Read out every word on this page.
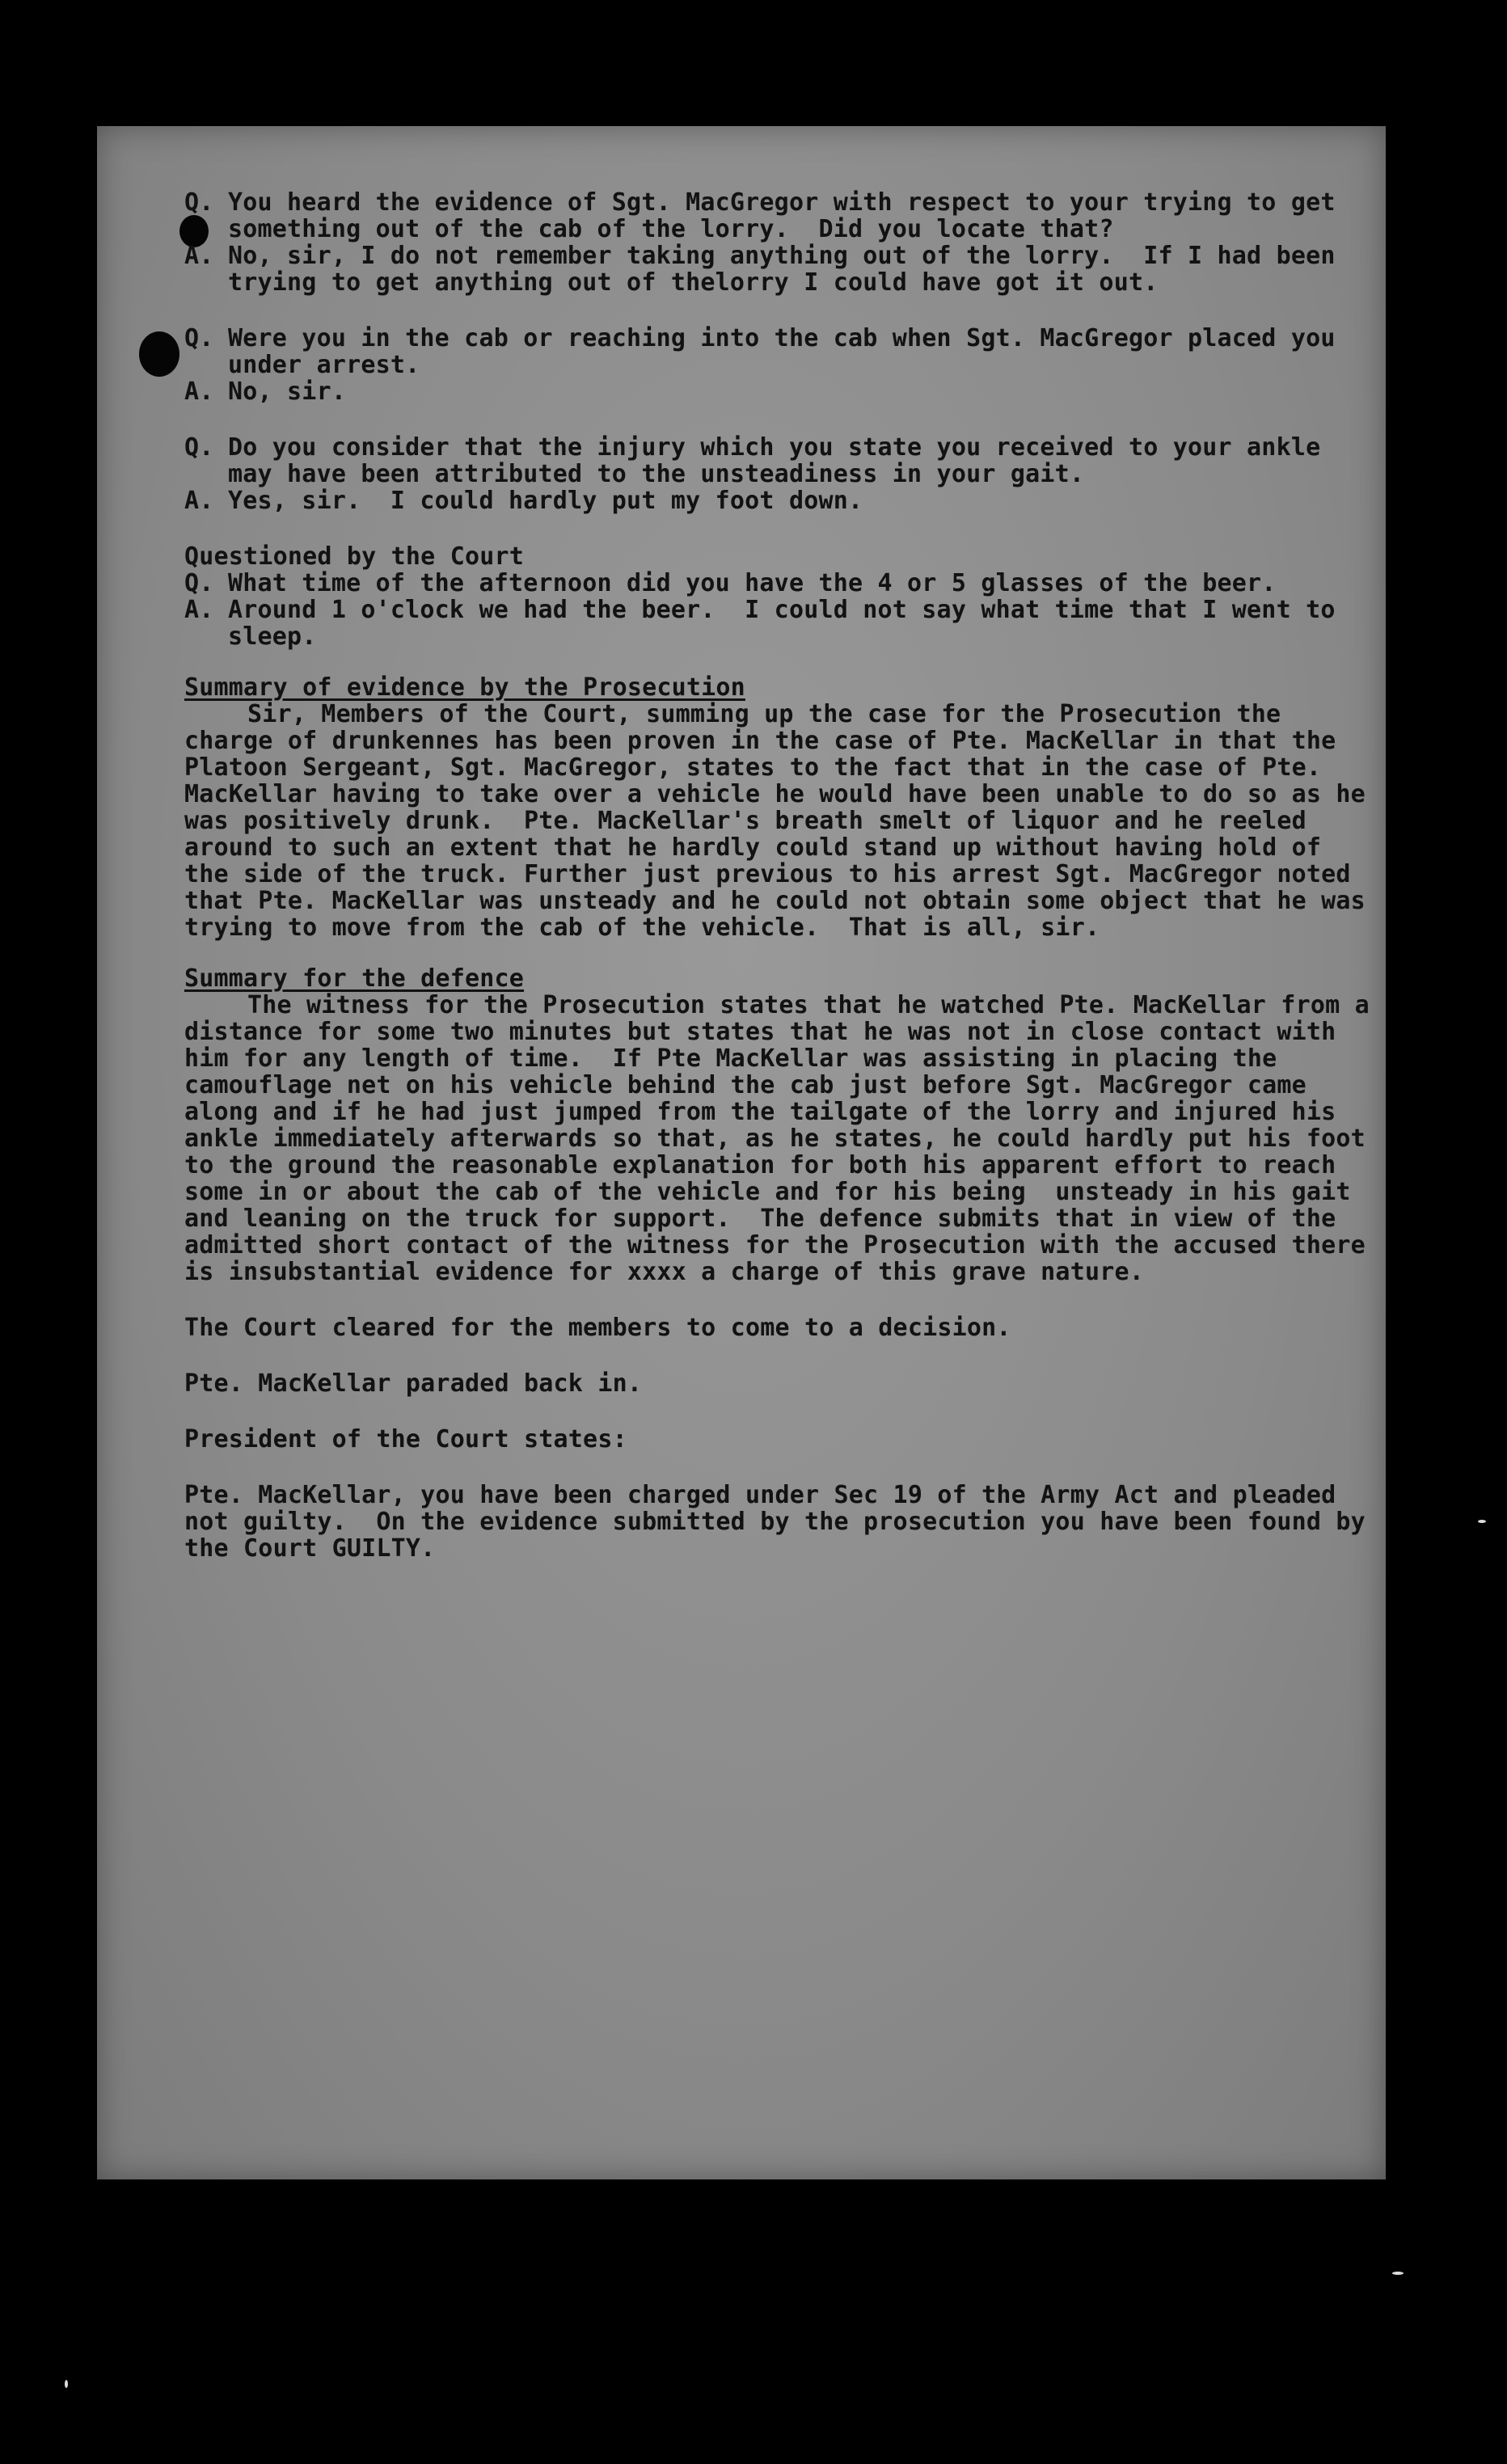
Q. You heard the evidence of Sgt. MacGregor with respect to your trying to get something out of the cab of the lorry.  Did you locate that?
A. No, sir, I do not remember taking anything out of the lorry.  If I had been trying to get anything out of thelorry I could have got it out.
Q. Were you in the cab or reaching into the cab when Sgt. MacGregor placed you under arrest.
A. No, sir.
Q. Do you consider that the injury which you state you received to your ankle may have been attributed to the unsteadiness in your gait.
A. Yes, sir.  I could hardly put my foot down.
Questioned by the Court
Q. What time of the afternoon did you have the 4 or 5 glasses of the beer.
A. Around 1 o'clock we had the beer.  I could not say what time that I went to sleep.
Summary of evidence by the Prosecution
Sir, Members of the Court, summing up the case for the Prosecution the charge of drunkennes has been proven in the case of Pte. MacKellar in that the Platoon Sergeant, Sgt. MacGregor, states to the fact that in the case of Pte. MacKellar having to take over a vehicle he would have been unable to do so as he was positively drunk.  Pte. MacKellar's breath smelt of liquor and he reeled around to such an extent that he hardly could stand up without having hold of the side of the truck. Further just previous to his arrest Sgt. MacGregor noted that Pte. MacKellar was unsteady and he could not obtain some object that he was trying to move from the cab of the vehicle.  That is all, sir.
Summary for the defence
The witness for the Prosecution states that he watched Pte. MacKellar from a distance for some two minutes but states that he was not in close contact with him for any length of time.  If Pte MacKellar was assisting in placing the camouflage net on his vehicle behind the cab just before Sgt. MacGregor came along and if he had just jumped from the tailgate of the lorry and injured his ankle immediately afterwards so that, as he states, he could hardly put his foot to the ground the reasonable explanation for both his apparent effort to reach some in or about the cab of the vehicle and for his being  unsteady in his gait and leaning on the truck for support.  The defence submits that in view of the admitted short contact of the witness for the Prosecution with the accused there is insubstantial evidence for xxxx a charge of this grave nature.
The Court cleared for the members to come to a decision.
Pte. MacKellar paraded back in.
President of the Court states:
Pte. MacKellar, you have been charged under Sec 19 of the Army Act and pleaded not guilty.  On the evidence submitted by the prosecution you have been found by the Court GUILTY.
